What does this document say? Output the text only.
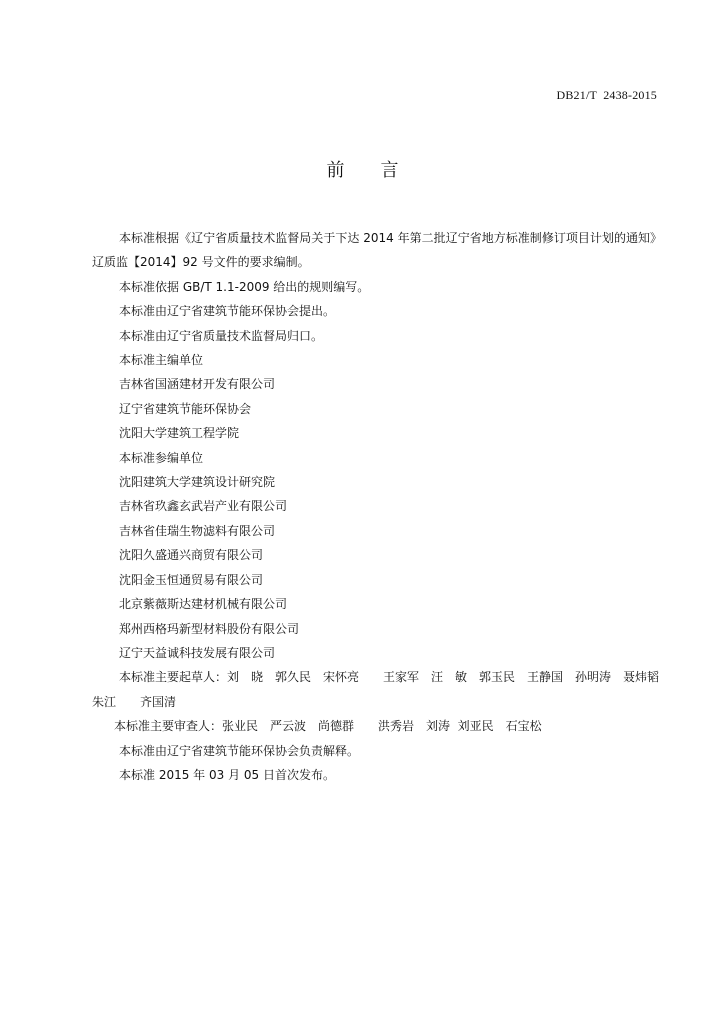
DB21/T  2438-2015
前言

本标准根据《辽宁省质量技术监督局关于下达 2014 年第二批辽宁省地方标准制修订项目计划的通知》辽质监【2014】92 号文件的要求编制。

本标准依据 GB/T 1.1-2009 给出的规则编写。

本标准由辽宁省建筑节能环保协会提出。

本标准由辽宁省质量技术监督局归口。

本标准主编单位

吉林省国涵建材开发有限公司

辽宁省建筑节能环保协会

沈阳大学建筑工程学院

本标准参编单位

沈阳建筑大学建筑设计研究院

吉林省玖鑫玄武岩产业有限公司

吉林省佳瑞生物滤料有限公司

沈阳久盛通兴商贸有限公司

沈阳金玉恒通贸易有限公司

北京紫薇斯达建材机械有限公司

郑州西格玛新型材料股份有限公司

辽宁天益诚科技发展有限公司

本标准主要起草人：刘　晓　郭久民　宋怀亮　　王家军　汪　敏　郭玉民　王静国　孙明涛　聂炜韬　　朱江　　齐国清

本标准主要审查人：张业民　严云波　尚德群　　洪秀岩　刘涛  刘亚民　石宝松

本标准由辽宁省建筑节能环保协会负责解释。

本标准 2015 年 03 月 05 日首次发布。
